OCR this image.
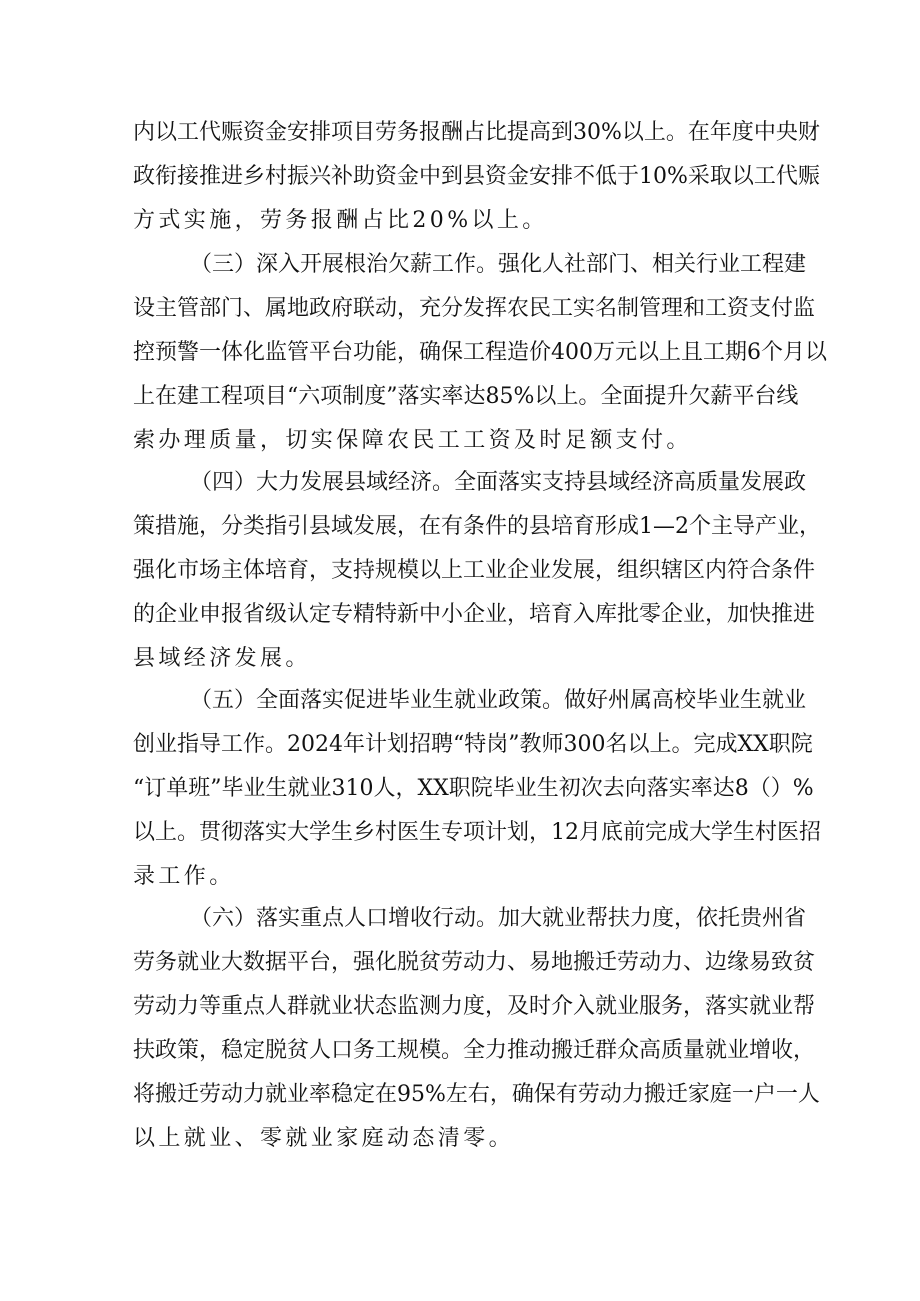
内以工代赈资金安排项目劳务报酬占比提高到30%以上。在年度中央财
政衔接推进乡村振兴补助资金中到县资金安排不低于10%采取以工代赈
方式实施，劳务报酬占比20%以上。
（三）深入开展根治欠薪工作。强化人社部门、相关行业工程建
设主管部门、属地政府联动，充分发挥农民工实名制管理和工资支付监
控预警一体化监管平台功能，确保工程造价400万元以上且工期6个月以
上在建工程项目“六项制度”落实率达85%以上。全面提升欠薪平台线
索办理质量，切实保障农民工工资及时足额支付。
（四）大力发展县域经济。全面落实支持县域经济高质量发展政
策措施，分类指引县域发展，在有条件的县培育形成1—2个主导产业，
强化市场主体培育，支持规模以上工业企业发展，组织辖区内符合条件
的企业申报省级认定专精特新中小企业，培育入库批零企业，加快推进
县域经济发展。
（五）全面落实促进毕业生就业政策。做好州属高校毕业生就业
创业指导工作。2024年计划招聘“特岗”教师300名以上。完成XX职院
“订单班”毕业生就业310人，XX职院毕业生初次去向落实率达8（）%
以上。贯彻落实大学生乡村医生专项计划，12月底前完成大学生村医招
录工作。
（六）落实重点人口增收行动。加大就业帮扶力度，依托贵州省
劳务就业大数据平台，强化脱贫劳动力、易地搬迁劳动力、边缘易致贫
劳动力等重点人群就业状态监测力度，及时介入就业服务，落实就业帮
扶政策，稳定脱贫人口务工规模。全力推动搬迁群众高质量就业增收，
将搬迁劳动力就业率稳定在95%左右，确保有劳动力搬迁家庭一户一人
以上就业、零就业家庭动态清零。
